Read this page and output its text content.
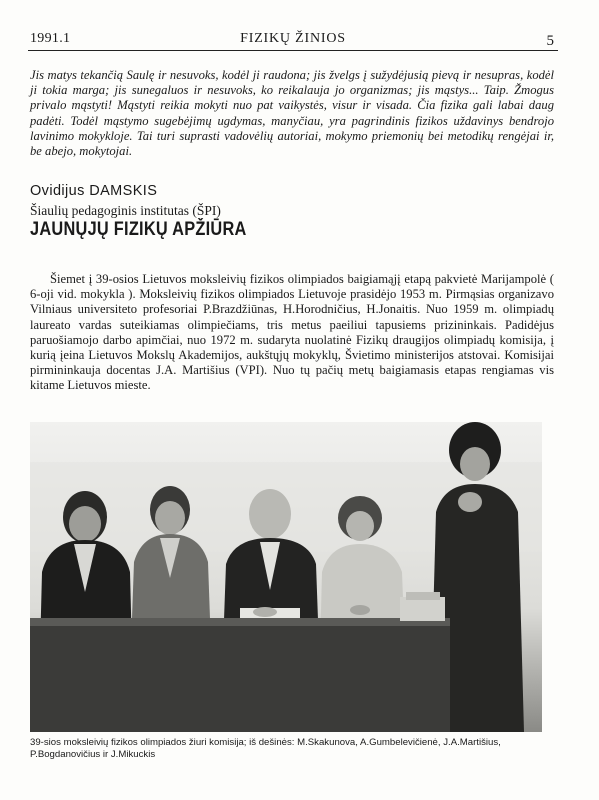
1991.1	FIZIKŲ ŽINIOS	5

Jis matys tekančią Saulę ir nesuvoks, kodėl ji raudona; jis žvelgs į sužydėjusią pievą ir nesupras, kodėl ji tokia marga; jis sunegaluos ir nesuvoks, ko reikalauja jo organizmas; jis mąstys... Taip. Žmogus privalo mąstyti! Mąstyti reikia mokyti nuo pat vaikystės, visur ir visada. Čia fizika gali labai daug padėti. Todėl mąstymo sugebėjimų ugdymas, manyčiau, yra pagrindinis fizikos uždavinys bendrojo lavinimo mokykloje. Tai turi suprasti vadovėlių autoriai, mokymo priemonių bei metodikų rengėjai ir, be abejo, mokytojai.

Ovidijus DAMSKIS
Šiaulių pedagoginis institutas (ŠPI)
JAUNŲJŲ FIZIKŲ APŽIŪRA

Šiemet į 39-osios Lietuvos moksleivių fizikos olimpiados baigiamąjį etapą pakvietė Marijampolė ( 6-oji vid. mokykla ). Moksleivių fizikos olimpiados Lietuvoje prasidėjo 1953 m. Pirmąsias organizavo Vilniaus universiteto profesoriai P.Brazdžiūnas, H.Horodničius, H.Jonaitis. Nuo 1959 m. olimpiadų laureato vardas suteikiamas olimpiečiams, tris metus paeiliui tapusiems prizininkais. Padidėjus paruošiamojo darbo apimčiai, nuo 1972 m. sudaryta nuolatinė Fizikų draugijos olimpiadų komisija, į kurią įeina Lietuvos Mokslų Akademijos, aukštųjų mokyklų, Švietimo ministerijos atstovai. Komisijai pirmininkauja docentas J.A. Martišius (VPI). Nuo tų pačių metų baigiamasis etapas rengiamas vis kitame Lietuvos mieste.

39-sios moksleivių fizikos olimpiados žiuri komisija; iš dešinės: M.Skakunova, A.Gumbelevičienė, J.A.Martišius, P.Bogdanovičius ir J.Mikuckis
